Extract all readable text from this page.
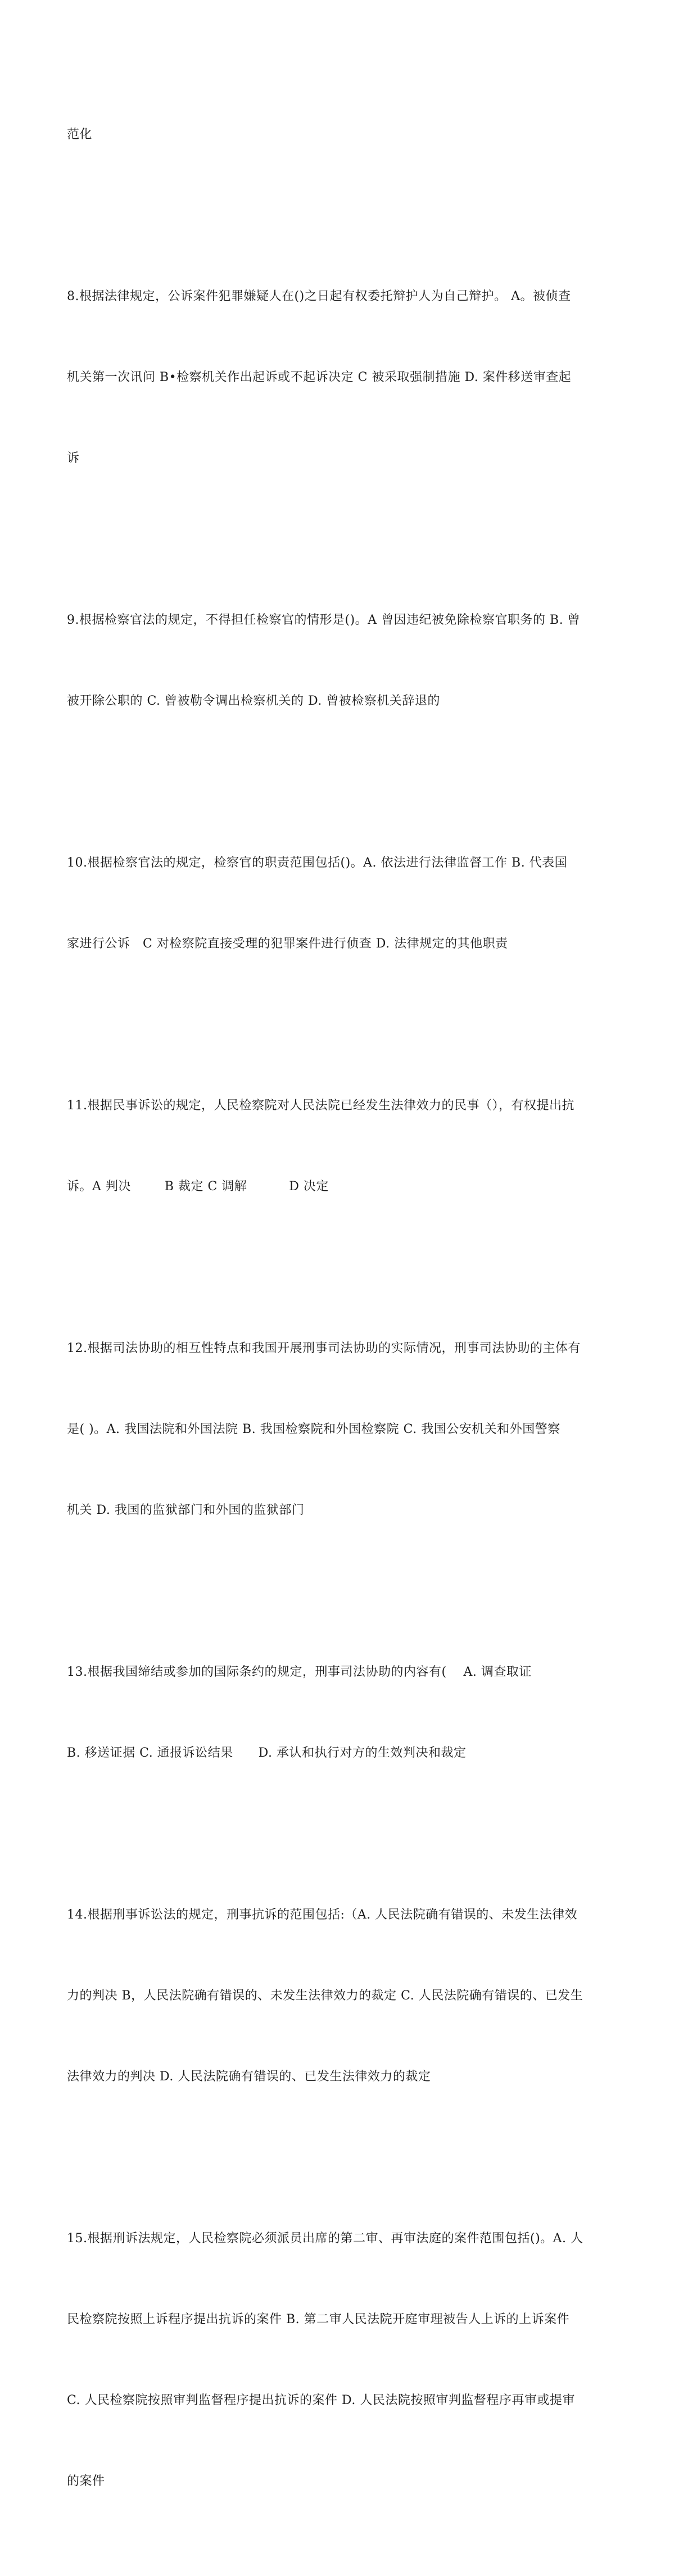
范化

8.根据法律规定，公诉案件犯罪嫌疑人在()之日起有权委托辩护人为自己辩护。 A。被侦查

机关第一次讯问 B•检察机关作出起诉或不起诉决定 C 被采取强制措施 D. 案件移送审查起

诉

9.根据检察官法的规定，不得担任检察官的情形是()。A 曾因违纪被免除检察官职务的 B. 曾

被开除公职的 C. 曾被勒令调出检察机关的 D. 曾被检察机关辞退的

10.根据检察官法的规定，检察官的职责范围包括()。A. 依法进行法律监督工作 B. 代表国

家进行公诉   C 对检察院直接受理的犯罪案件进行侦查 D. 法律规定的其他职责

11.根据民事诉讼的规定，人民检察院对人民法院已经发生法律效力的民事（），有权提出抗

诉。A 判决        B 裁定 C 调解          D 决定

12.根据司法协助的相互性特点和我国开展刑事司法协助的实际情况，刑事司法协助的主体有

是( )。A. 我国法院和外国法院 B. 我国检察院和外国检察院 C. 我国公安机关和外国警察

机关 D. 我国的监狱部门和外国的监狱部门

13.根据我国缔结或参加的国际条约的规定，刑事司法协助的内容有(    A. 调查取证

B. 移送证据 C. 通报诉讼结果      D. 承认和执行对方的生效判决和裁定

14.根据刑事诉讼法的规定，刑事抗诉的范围包括:（A. 人民法院确有错误的、未发生法律效

力的判决 B，人民法院确有错误的、未发生法律效力的裁定 C. 人民法院确有错误的、已发生

法律效力的判决 D. 人民法院确有错误的、已发生法律效力的裁定

15.根据刑诉法规定，人民检察院必须派员出席的第二审、再审法庭的案件范围包括()。A. 人

民检察院按照上诉程序提出抗诉的案件 B. 第二审人民法院开庭审理被告人上诉的上诉案件

C. 人民检察院按照审判监督程序提出抗诉的案件 D. 人民法院按照审判监督程序再审或提审

的案件
